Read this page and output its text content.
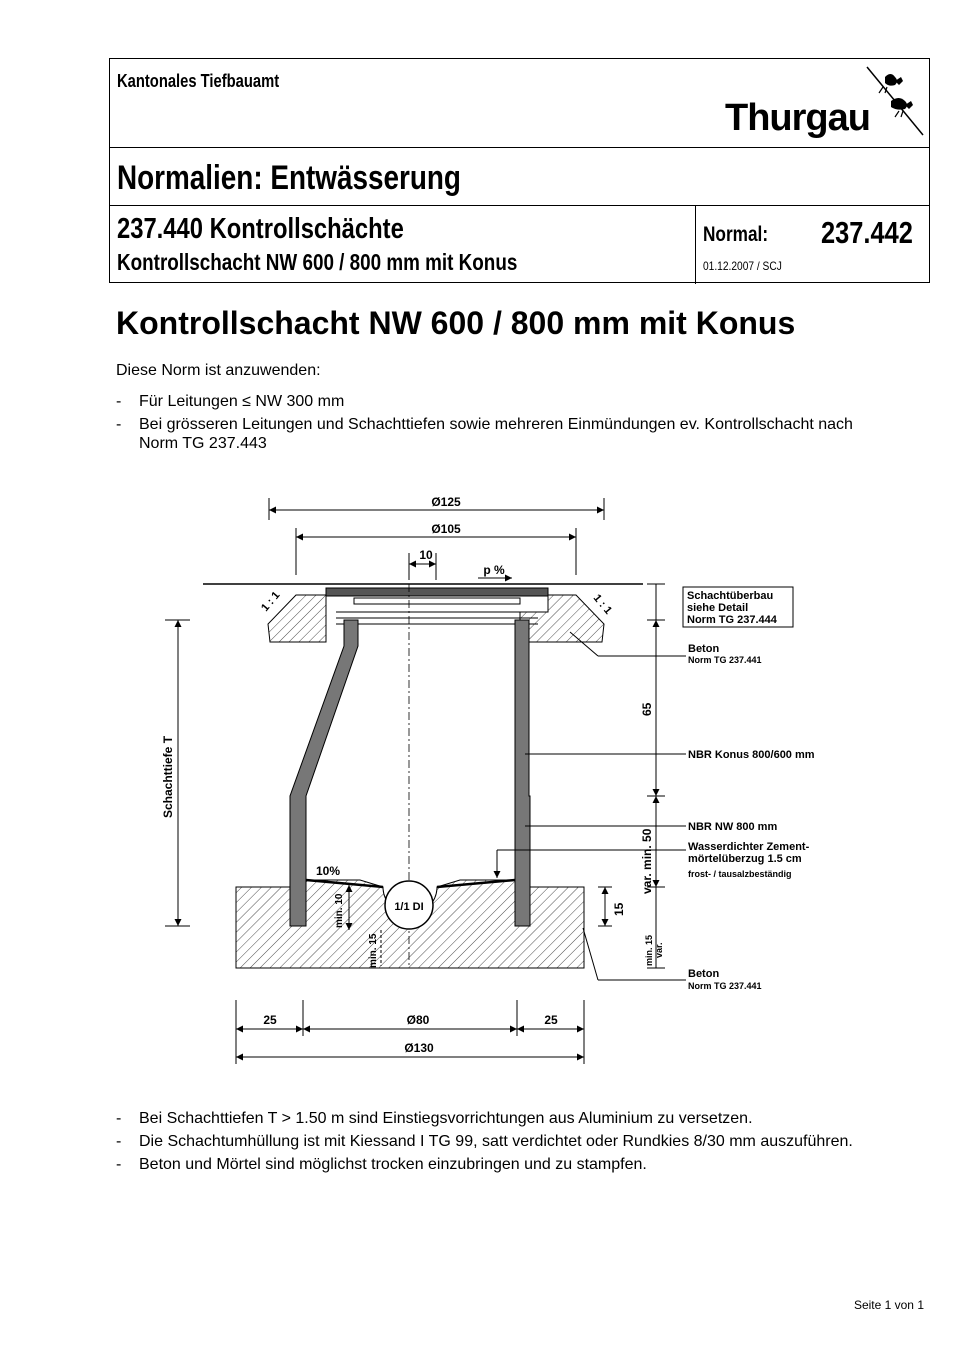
Kantonales Tiefbauamt
Thurgau
Normalien: Entwässerung
237.440 Kontrollschächte
Kontrollschacht NW 600 / 800 mm mit Konus
Normal: 237.442
01.12.2007 / SCJ
Kontrollschacht NW 600 / 800 mm mit Konus
Diese Norm ist anzuwenden:
- Für Leitungen ≤ NW 300 mm
- Bei grösseren Leitungen und Schachttiefen sowie mehreren Einmündungen ev. Kontrollschacht nach Norm TG 237.443
Ø125
Ø105
10
p %
1 : 1	1 : 1
1/1 DI
10%
min. 10
min. 15
Schachttiefe T
65
var. min. 50
15
min. 15 var.
Schachtüberbau
siehe Detail
Norm TG 237.444
Beton
Norm TG 237.441
NBR Konus 800/600 mm
NBR NW 800 mm
Wasserdichter Zement-
mörtelüberzug 1.5 cm
frost- / tausalzbeständig
Beton
Norm TG 237.441
25	Ø80	25
Ø130
- Bei Schachttiefen T > 1.50 m sind Einstiegsvorrichtungen aus Aluminium zu versetzen.
- Die Schachtumhüllung ist mit Kiessand I TG 99, satt verdichtet oder Rundkies 8/30 mm auszuführen.
- Beton und Mörtel sind möglichst trocken einzubringen und zu stampfen.
Seite 1 von 1
